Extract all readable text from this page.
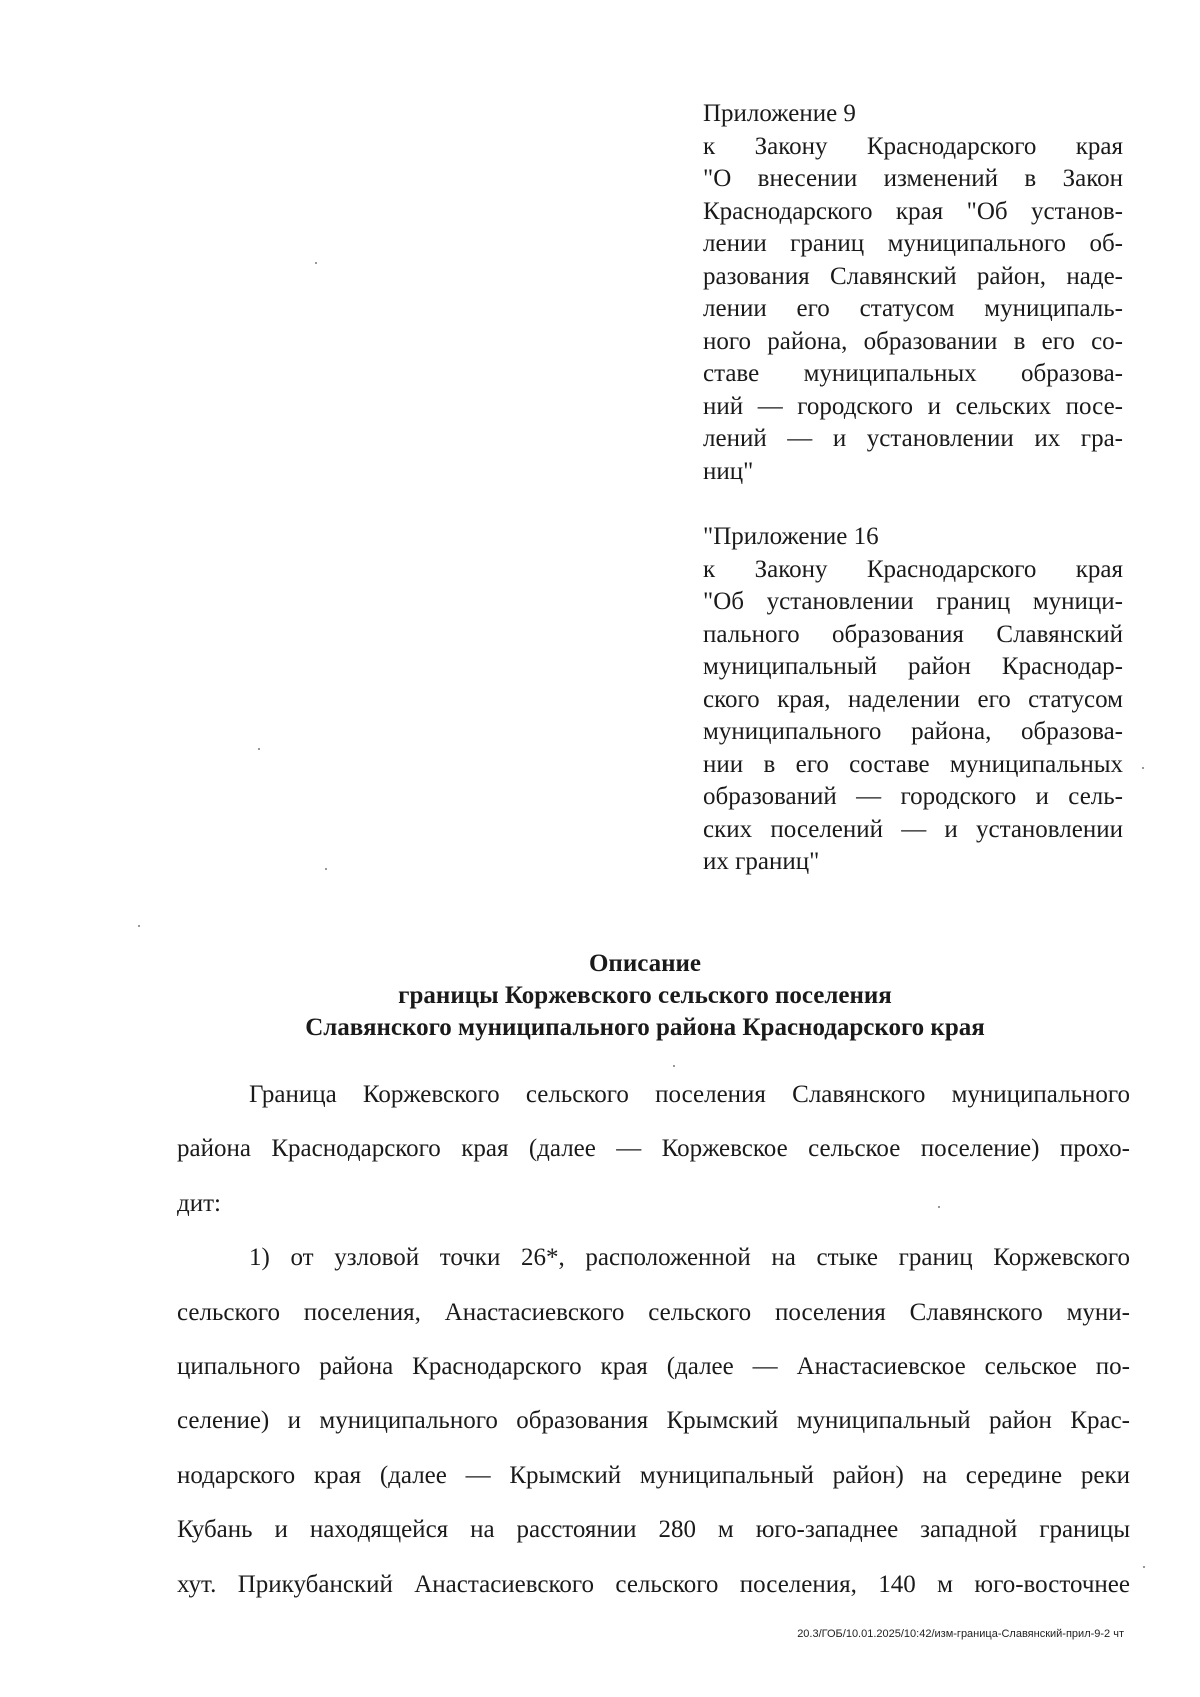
Приложение 9
к Закону Краснодарского края
"О внесении изменений в Закон
Краснодарского края "Об установ-
лении границ муниципального об-
разования Славянский район, наде-
лении его статусом муниципаль-
ного района, образовании в его со-
ставе муниципальных образова-
ний — городского и сельских посе-
лений — и установлении их гра-
ниц"
"Приложение 16
к Закону Краснодарского края
"Об установлении границ муници-
пального образования Славянский
муниципальный район Краснодар-
ского края, наделении его статусом
муниципального района, образова-
нии в его составе муниципальных
образований — городского и сель-
ских поселений — и установлении
их границ"
Описание
границы Коржевского сельского поселения
Славянского муниципального района Краснодарского края
Граница Коржевского сельского поселения Славянского муниципального
района Краснодарского края (далее — Коржевское сельское поселение) прохо-
дит:
1) от узловой точки 26*, расположенной на стыке границ Коржевского
сельского поселения, Анастасиевского сельского поселения Славянского муни-
ципального района Краснодарского края (далее — Анастасиевское сельское по-
селение) и муниципального образования Крымский муниципальный район Крас-
нодарского края (далее — Крымский муниципальный район) на середине реки
Кубань и находящейся на расстоянии 280 м юго-западнее западной границы
хут. Прикубанский Анастасиевского сельского поселения, 140 м юго-восточнее
20.3/ГОБ/10.01.2025/10:42/изм-граница-Славянский-прил-9-2 чт
